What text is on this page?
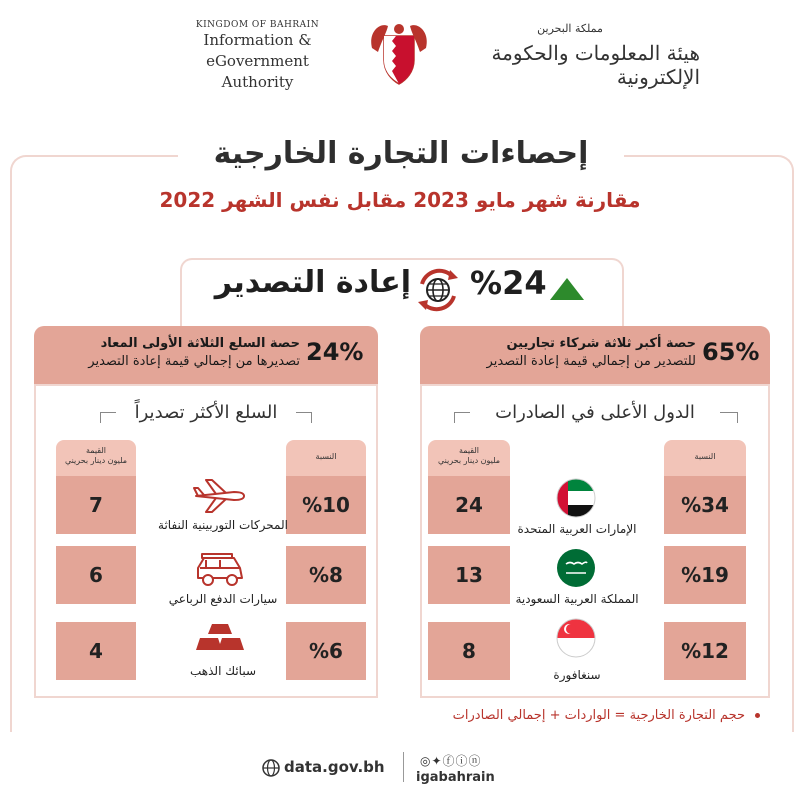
KINGDOM OF BAHRAIN
Information & eGovernment
Authority
مملكة البحرين
هيئة المعلومات والحكومة الإلكترونية
إحصاءات التجارة الخارجية
مقارنة شهر مايو 2023 مقابل نفس الشهر 2022
إعادة التصدير %24
65%
حصة أكبر ثلاثة شركاء تجاريين
للتصدير من إجمالي قيمة إعادة التصدير
24%
حصة السلع الثلاثة الأولى المعاد
تصديرها من إجمالي قيمة إعادة التصدير
الدول الأعلى في الصادرات
النسبة
القيمة
مليون دينار بحريني
%34
24
الإمارات العربية المتحدة
%19
13
المملكة العربية السعودية
%12
8
سنغافورة
السلع الأكثر تصديراً
النسبة
القيمة
مليون دينار بحريني
%10
7
المحركات التوربينية النفاثة
%8
6
سيارات الدفع الرباعي
%6
4
سبائك الذهب
حجم التجارة الخارجية = الواردات + إجمالي الصادرات
data.gov.bh	◎✦ⓕⓘⓝ
igabahrain
